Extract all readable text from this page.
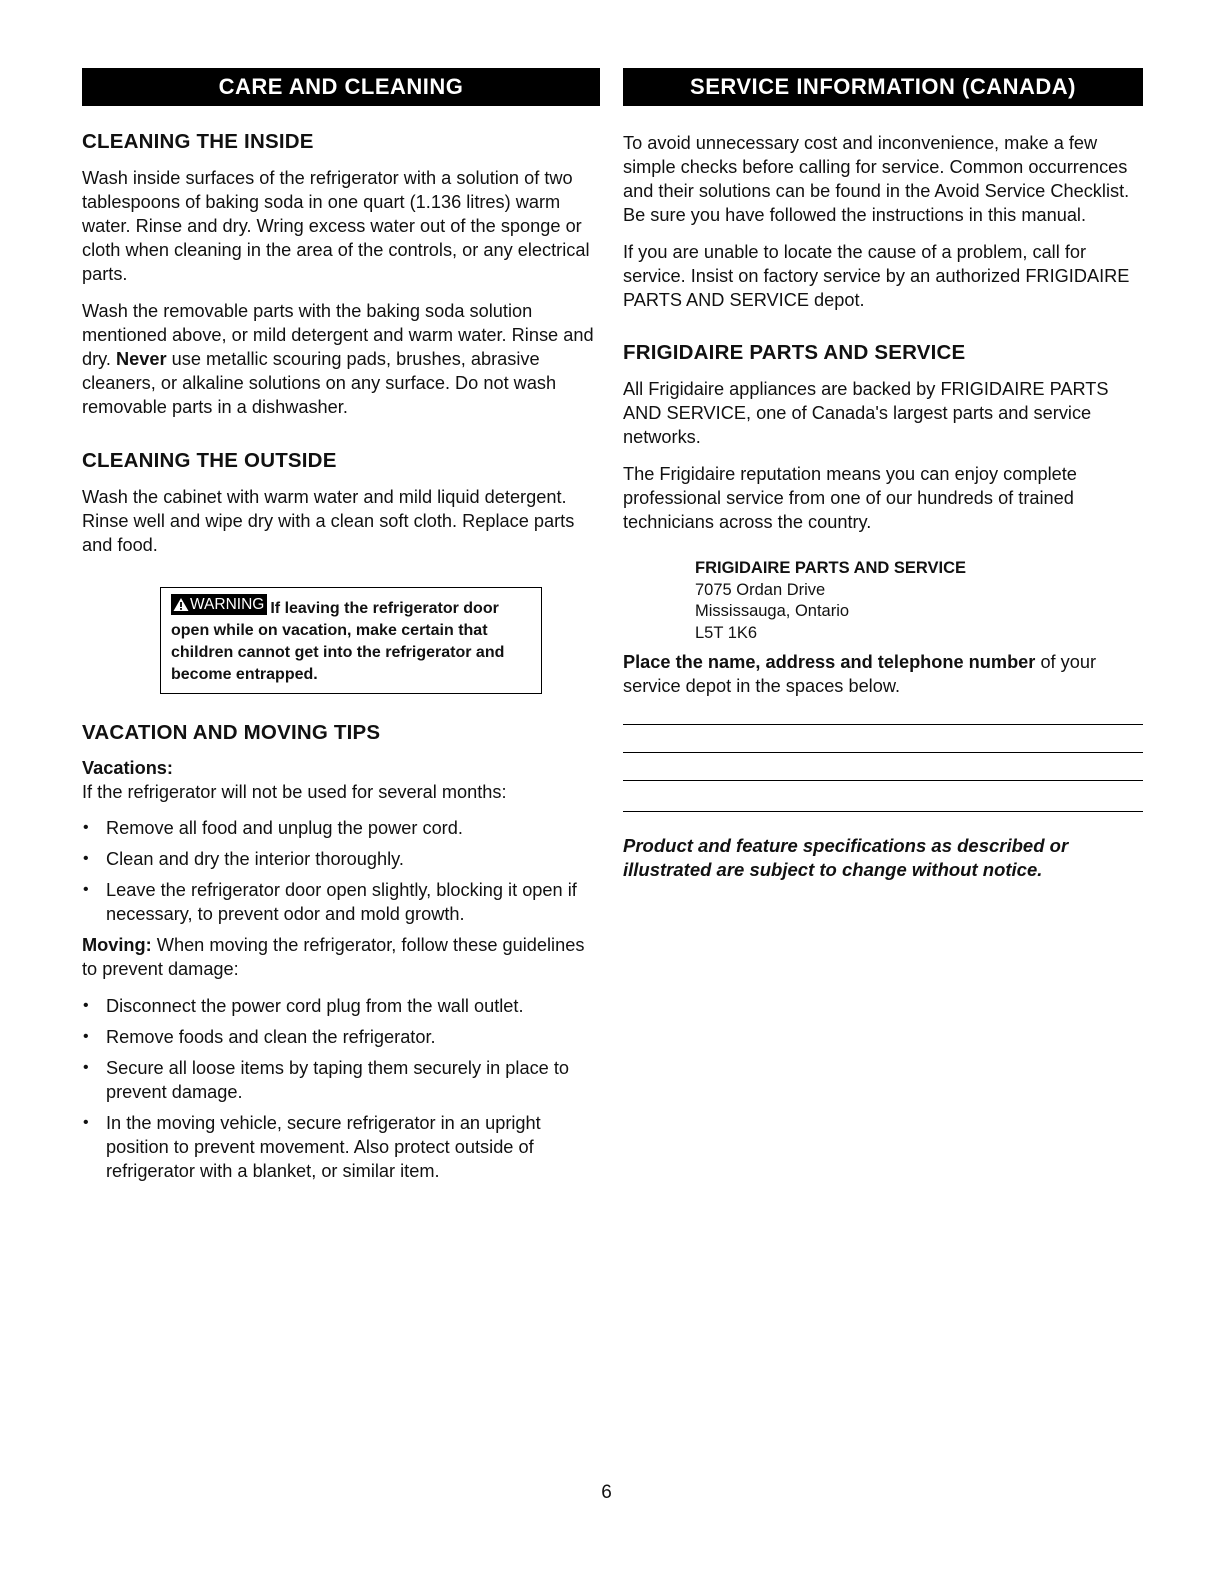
CARE AND CLEANING
CLEANING THE INSIDE

Wash inside surfaces of the refrigerator with a solution of two tablespoons of baking soda in one quart (1.136 litres) warm water. Rinse and dry. Wring excess water out of the sponge or cloth when cleaning in the area of the controls, or any electrical parts.

Wash the removable parts with the baking soda solution mentioned above, or mild detergent and warm water. Rinse and dry. Never use metallic scouring pads, brushes, abrasive cleaners, or alkaline solutions on any surface. Do not wash removable parts in a dishwasher.

CLEANING THE OUTSIDE

Wash the cabinet with warm water and mild liquid detergent. Rinse well and wipe dry with a clean soft cloth. Replace parts and food.

WARNING If leaving the refrigerator door open while on vacation, make certain that children cannot get into the refrigerator and become entrapped.
VACATION AND MOVING TIPS
Vacations:

If the refrigerator will not be used for several months:

• Remove all food and unplug the power cord.
• Clean and dry the interior thoroughly.
• Leave the refrigerator door open slightly, blocking it open if necessary, to prevent odor and mold growth.

Moving: When moving the refrigerator, follow these guidelines to prevent damage:

• Disconnect the power cord plug from the wall outlet.
• Remove foods and clean the refrigerator.
• Secure all loose items by taping them securely in place to prevent damage.
• In the moving vehicle, secure refrigerator in an upright position to prevent movement. Also protect outside of refrigerator with a blanket, or similar item.
SERVICE INFORMATION (CANADA)

To avoid unnecessary cost and inconvenience, make a few simple checks before calling for service. Common occurrences and their solutions can be found in the Avoid Service Checklist. Be sure you have followed the instructions in this manual.

If you are unable to locate the cause of a problem, call for service. Insist on factory service by an authorized FRIGIDAIRE PARTS AND SERVICE depot.

FRIGIDAIRE PARTS AND SERVICE

All Frigidaire appliances are backed by FRIGIDAIRE PARTS AND SERVICE, one of Canada's largest parts and service networks.

The Frigidaire reputation means you can enjoy complete professional service from one of our hundreds of trained technicians across the country.

FRIGIDAIRE PARTS AND SERVICE
7075 Ordan Drive
Mississauga, Ontario
L5T 1K6

Place the name, address and telephone number of your service depot in the spaces below.

Product and feature specifications as described or illustrated are subject to change without notice.

6
